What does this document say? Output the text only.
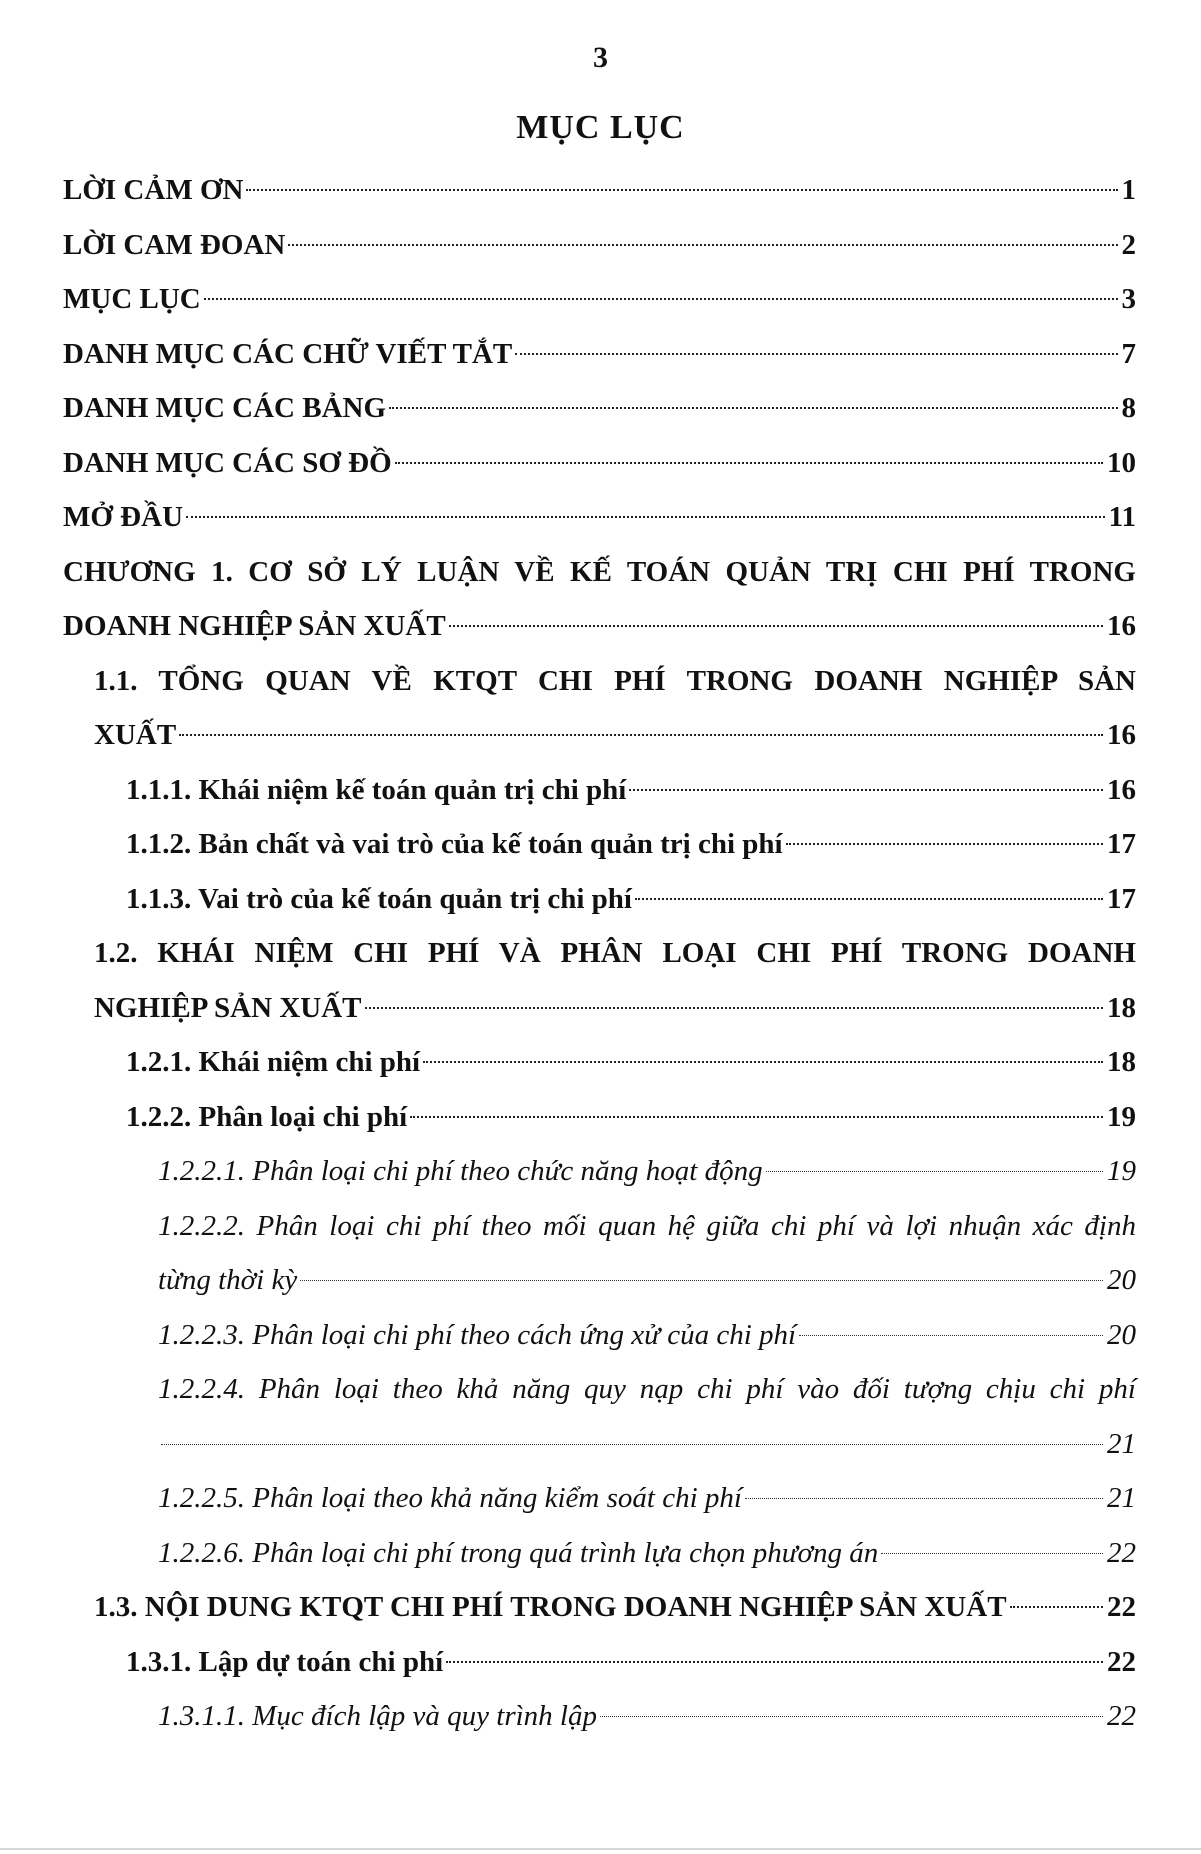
3
MỤC LỤC
LỜI CẢM ƠN	1
LỜI CAM ĐOAN	2
MỤC LỤC	3
DANH MỤC CÁC CHỮ VIẾT TẮT	7
DANH MỤC CÁC BẢNG	8
DANH MỤC CÁC SƠ ĐỒ	10
MỞ ĐẦU	11
CHƯƠNG 1. CƠ SỞ LÝ LUẬN VỀ KẾ TOÁN QUẢN TRỊ CHI PHÍ TRONG
DOANH NGHIỆP SẢN XUẤT	16
1.1. TỔNG QUAN VỀ KTQT CHI PHÍ TRONG DOANH NGHIỆP SẢN
XUẤT	16
1.1.1. Khái niệm kế toán quản trị chi phí	16
1.1.2. Bản chất và vai trò của kế toán quản trị chi phí	17
1.1.3. Vai trò của kế toán quản trị chi phí	17
1.2. KHÁI NIỆM CHI PHÍ VÀ PHÂN LOẠI CHI PHÍ TRONG DOANH
NGHIỆP SẢN XUẤT	18
1.2.1. Khái niệm chi phí	18
1.2.2. Phân loại chi phí	19
1.2.2.1. Phân loại chi phí theo chức năng hoạt động	19
1.2.2.2. Phân loại chi phí theo mối quan hệ giữa chi phí và lợi nhuận xác định
từng thời kỳ	20
1.2.2.3. Phân loại chi phí theo cách ứng xử của chi phí	20
1.2.2.4. Phân loại theo khả năng quy nạp chi phí vào đối tượng chịu chi phí
21
1.2.2.5. Phân loại theo khả năng kiểm soát chi phí	21
1.2.2.6. Phân loại chi phí trong quá trình lựa chọn phương án	22
1.3. NỘI DUNG KTQT CHI PHÍ TRONG DOANH NGHIỆP SẢN XUẤT	22
1.3.1. Lập dự toán chi phí	22
1.3.1.1. Mục đích lập và quy trình lập	22
